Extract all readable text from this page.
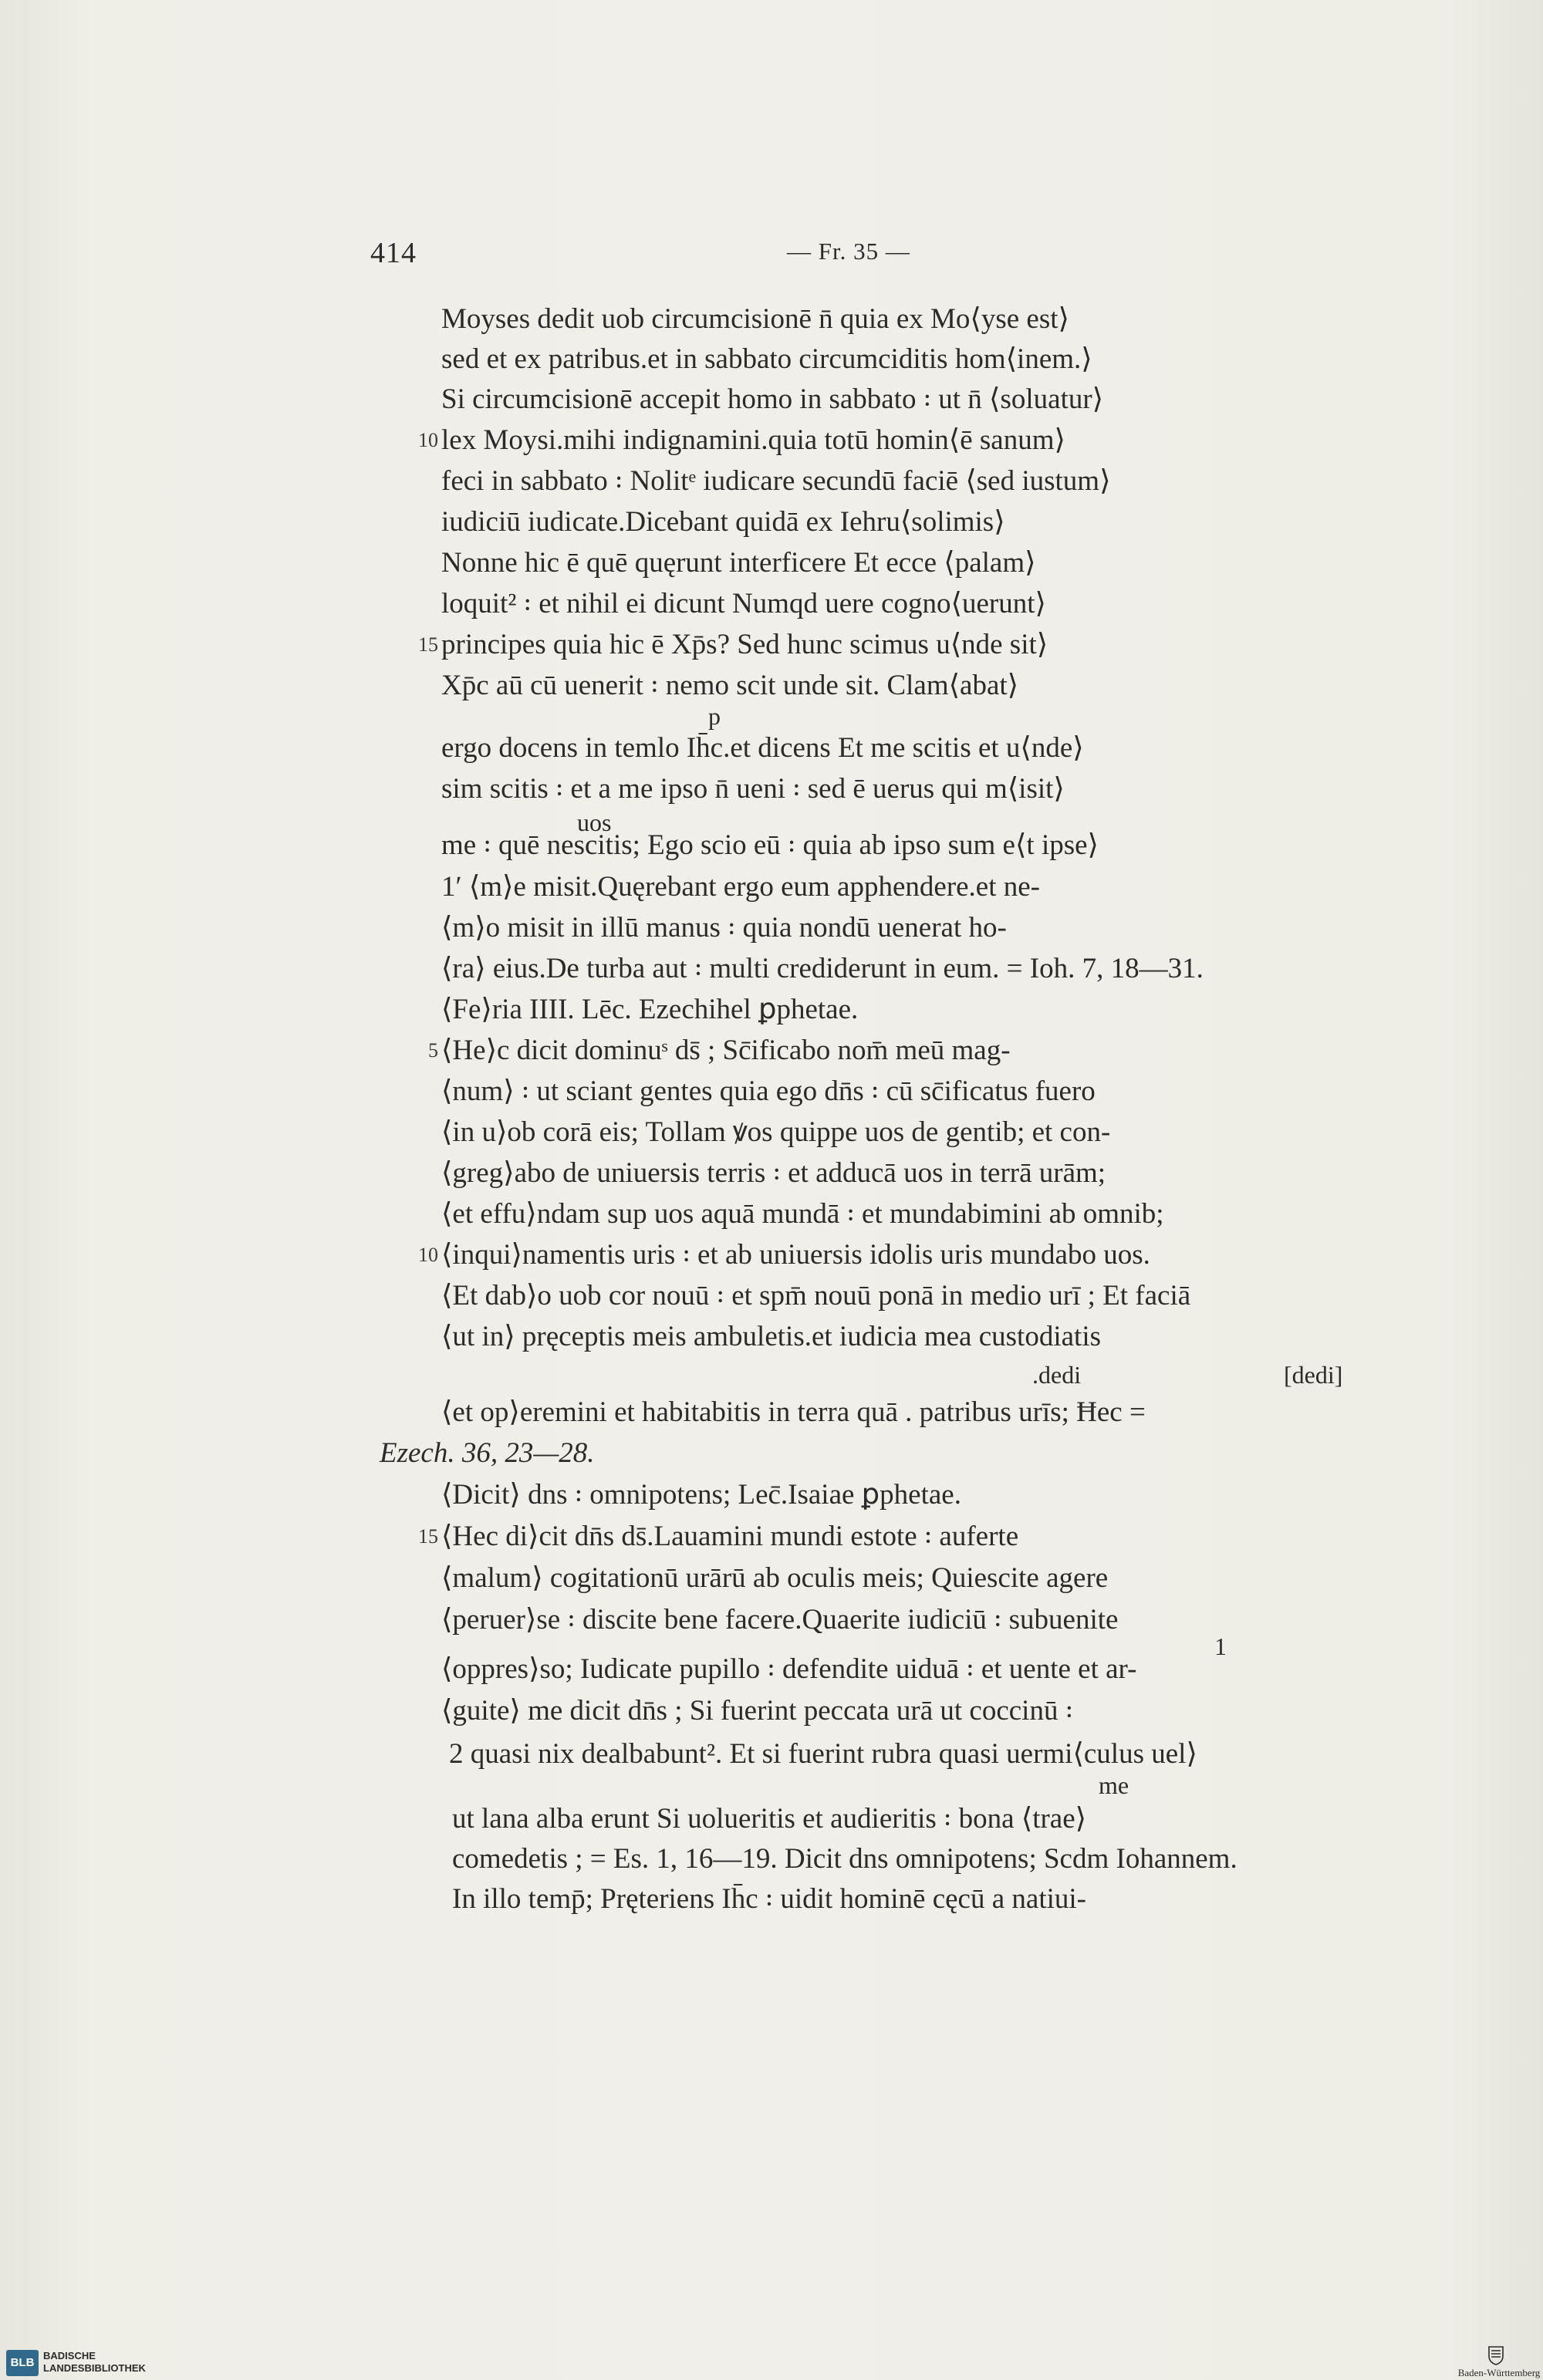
414	— Fr. 35 —
Moyses dedit uob circumcisionē n̄ quia ex Mo⟨yse est⟩
sed et ex patribus.et in sabbato circumciditis hom⟨inem.⟩
Si circumcisionē accepit homo in sabbato ꞉ ut n̄ ⟨soluatur⟩
10 lex Moysi.mihi indignamini.quia totū homin⟨ē sanum⟩
feci in sabbato ꞉ Nolitᵉ iudicare secundū faciē ⟨sed iustum⟩
iudiciū iudicate.Dicebant quidā ex Iehru⟨solimis⟩
Nonne hic ē quē quęrunt interficere Et ecce ⟨palam⟩
loquit² ꞉ et nihil ei dicunt Numqd uere cogno⟨uerunt⟩
15 principes quia hic ē Xp̄s? Sed hunc scimus u⟨nde sit⟩
Xp̄c aū cū uenerit ꞉ nemo scit unde sit. Clam⟨abat⟩
p
ergo docens in temlo Ih̄c.et dicens Et me scitis et u⟨nde⟩
sim scitis ꞉ et a me ipso n̄ ueni ꞉ sed ē uerus qui m⟨isit⟩
uos
me ꞉ quē nescitis; Ego scio eū ꞉ quia ab ipso sum e⟨t ipse⟩
1ʹ ⟨m⟩e misit.Quęrebant ergo eum apphendere.et ne-
⟨m⟩o misit in illū manus ꞉ quia nondū uenerat ho-
⟨ra⟩ eius.De turba aut ꞉ multi crediderunt in eum. = Ioh. 7, 18—31.
⟨Fe⟩ria IIII. Lēc. Ezechihel ꝑphetae.
5 ⟨He⟩c dicit dominuˢ ds̄ ; Sc̄ificabo nom̄ meū mag-
⟨num⟩ ꞉ ut sciant gentes quia ego dn̄s ꞉ cū sc̄ificatus fuero
⟨in u⟩ob corā eis; Tollam ꝟos quippe uos de gentib; et con-
⟨greg⟩abo de uniuersis terris ꞉ et adducā uos in terrā urām;
⟨et effu⟩ndam sup uos aquā mundā ꞉ et mundabimini ab omnib;
10 ⟨inqui⟩namentis uris ꞉ et ab uniuersis idolis uris mundabo uos.
⟨Et dab⟩o uob cor nouū ꞉ et spm̄ nouū ponā in medio urī ; Et faciā
⟨ut in⟩ pręceptis meis ambuletis.et iudicia mea custodiatis
.dedi	[dedi]
⟨et op⟩eremini et habitabitis in terra quā . patribus urīs; Ħec =
Ezech. 36, 23—28.
⟨Dicit⟩ dns ꞉ omnipotens; Lec̄.Isaiae ꝑphetae.
15 ⟨Hec di⟩cit dn̄s ds̄.Lauamini mundi estote ꞉ auferte
⟨malum⟩ cogitationū urārū ab oculis meis; Quiescite agere
⟨peruer⟩se ꞉ discite bene facere.Quaerite iudiciū ꞉ subuenite
1
⟨oppres⟩so; Iudicate pupillo ꞉ defendite uiduā ꞉ et uente et ar-
⟨guite⟩ me dicit dn̄s ; Si fuerint peccata urā ut coccinū ꞉
2 quasi nix dealbabunt². Et si fuerint rubra quasi uermi⟨culus uel⟩
me
ut lana alba erunt Si uolueritis et audieritis ꞉ bona ⟨trae⟩
comedetis ; = Es. 1, 16—19. Dicit dns omnipotens; Scdm Iohannem.
In illo temp̄; Pręteriens Ih̄c ꞉ uidit hominē cęcū a natiui-
BLB
BADISCHE
LANDESBIBLIOTHEK	Baden-Württemberg
